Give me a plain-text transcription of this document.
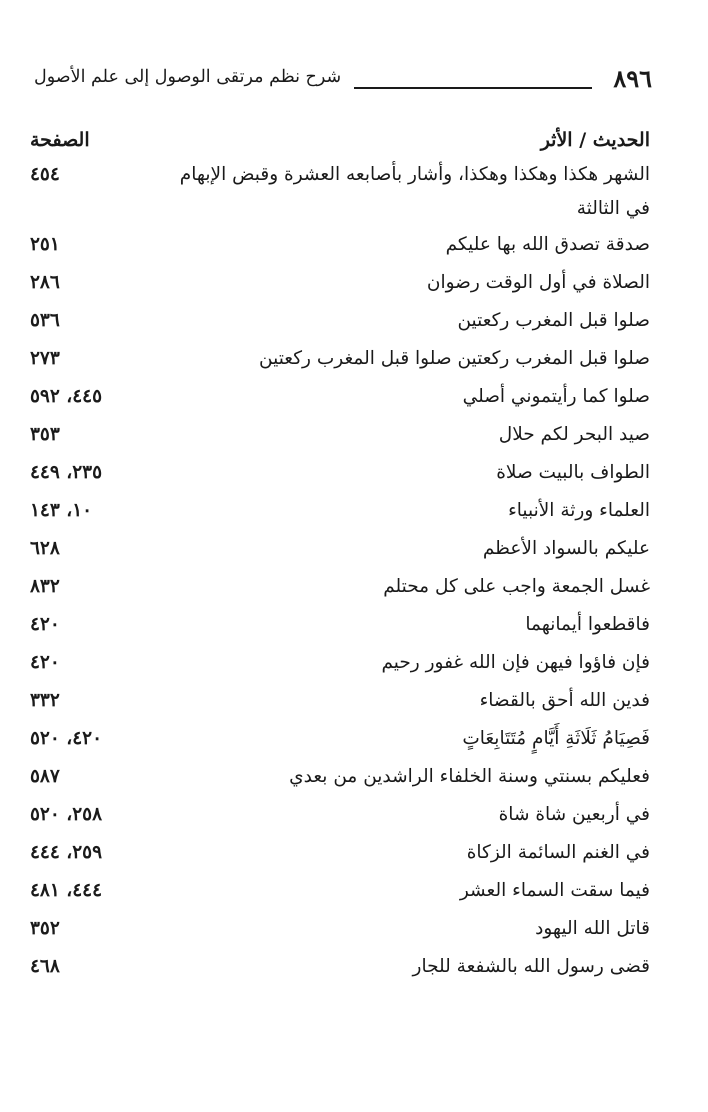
٨٩٦
شرح نظم مرتقى الوصول إلى علم الأصول
الحديث / الأثر
الصفحة
الشهر هكذا وهكذا وهكذا، وأشار بأصابعه العشرة وقبض الإبهام في الثالثة
٤٥٤
صدقة تصدق الله بها عليكم
٢٥١
الصلاة في أول الوقت رضوان
٢٨٦
صلوا قبل المغرب ركعتين
٥٣٦
صلوا قبل المغرب ركعتين صلوا قبل المغرب ركعتين
٢٧٣
صلوا كما رأيتموني أصلي
٤٤٥، ٥٩٢
صيد البحر لكم حلال
٣٥٣
الطواف بالبيت صلاة
٢٣٥، ٤٤٩
العلماء ورثة الأنبياء
١٠، ١٤٣
عليكم بالسواد الأعظم
٦٢٨
غسل الجمعة واجب على كل محتلم
٨٣٢
فاقطعوا أيمانهما
٤٢٠
فإن فاؤوا فيهن فإن الله غفور رحيم
٤٢٠
فدين الله أحق بالقضاء
٣٣٢
فَصِيَامُ ثَلَاثَةِ أَيَّامٍ مُتَتَابِعَاتٍ
٤٢٠، ٥٢٠
فعليكم بسنتي وسنة الخلفاء الراشدين من بعدي
٥٨٧
في أربعين شاة شاة
٢٥٨، ٥٢٠
في الغنم السائمة الزكاة
٢٥٩، ٤٤٤
فيما سقت السماء العشر
٤٤٤، ٤٨١
قاتل الله اليهود
٣٥٢
قضى رسول الله بالشفعة للجار
٤٦٨
